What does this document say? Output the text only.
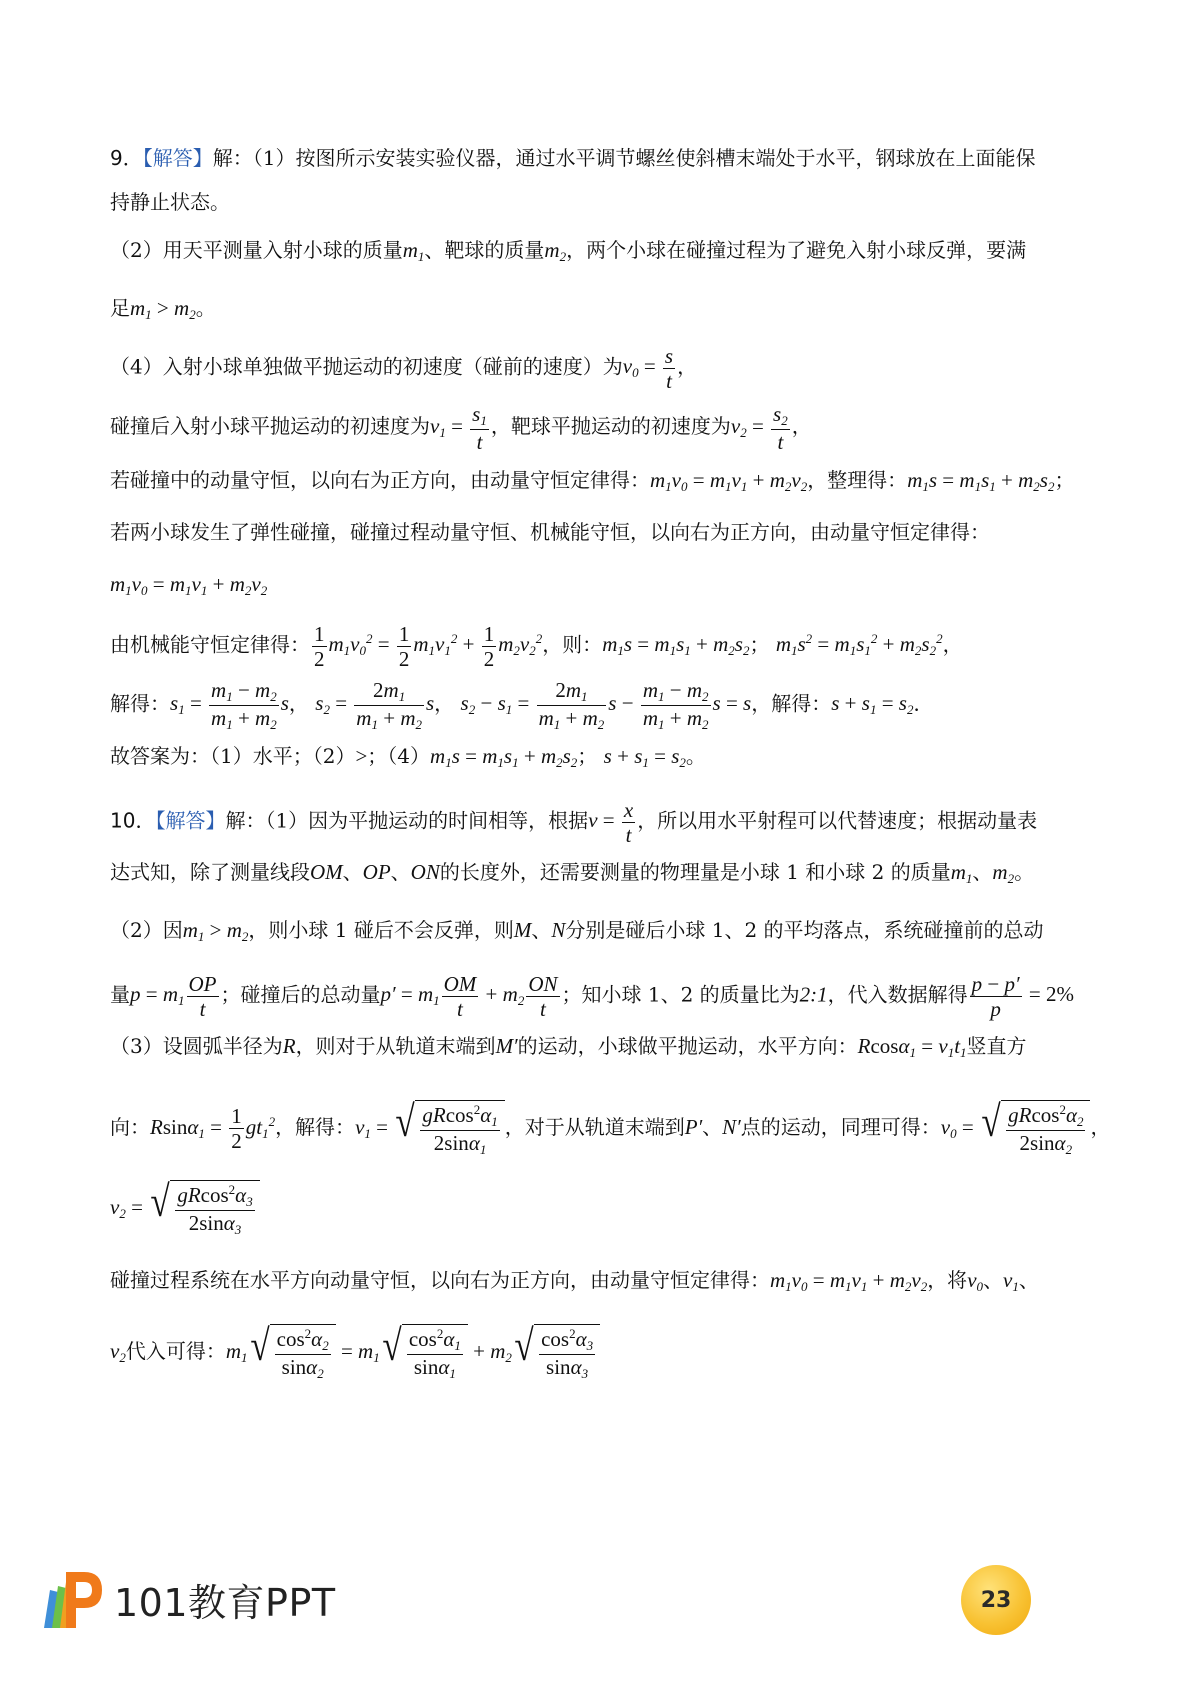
9．【解答】解：（1）按图所示安装实验仪器，通过水平调节螺丝使斜槽末端处于水平，钢球放在上面能保
持静止状态。
（2）用天平测量入射小球的质量$m_1$、靶球的质量$m_2$，两个小球在碰撞过程为了避免入射小球反弹，要满
足$m_1 > m_2$。
（4）入射小球单独做平抛运动的初速度（碰前的速度）为$v_0 = \frac{s}{t}$ ，
碰撞后入射小球平抛运动的初速度为$v_1 = \frac{s_1}{t}$ ，靶球平抛运动的初速度为$v_2 = \frac{s_2}{t}$ ，
若碰撞中的动量守恒，以向右为正方向，由动量守恒定律得：$m_1v_0 = m_1v_1 + m_2v_2$，整理得：$m_1s = m_1s_1 + m_2s_2$；
若两小球发生了弹性碰撞，碰撞过程动量守恒、机械能守恒，以向右为正方向，由动量守恒定律得：
$m_1v_0 = m_1v_1 + m_2v_2$
由机械能守恒定律得： $\frac{1}{2} m_1v_0^2 = \frac{1}{2} m_1v_1^2 + \frac{1}{2} m_2v_2^2$，则：$m_1s = m_1s_1 + m_2s_2$； $m_1s^2 = m_1s_1^2 + m_2s_2^2$，
解得：$s_1 = \frac{m_1 - m_2}{m_1 + m_2}$ s， $s_2 = \frac{2m_1}{m_1 + m_2}$ s， $s_2 - s_1 = \frac{2m_1}{m_1 + m_2}$ $s - \frac{m_1 - m_2}{m_1 + m_2}$ s = s，解得：$s + s_1 = s_2$．
故答案为：（1）水平；（2）>；$(4)m_1s = m_1s_1 + m_2s_2$； $s + s_1 = s_2$。
10．【解答】解：（1）因为平抛运动的时间相等，根据$v = \frac{x}{t}$ ，所以用水平射程可以代替速度；根据动量表
达式知，除了测量线段OM、OP、ON的长度外，还需要测量的物理量是小球 1 和小球 2 的质量$m_1$、$m_2$。
（2）因$m_1 > m_2$，则小球 1 碰后不会反弹，则M、N分别是碰后小球 1、2 的平均落点，系统碰撞前的总动
量$p = m_1 \frac{OP}{t}$ ；碰撞后的总动量$p' = m_1 \frac{OM}{t} + m_2 \frac{ON}{t}$ ；知小球 1、2 的质量比为2:1，代入数据解得 $\frac{p - p'}{p} = 2\%$
（3）设圆弧半径为R，则对于从轨道末端到M′的运动，小球做平抛运动，水平方向：$Rcos\alpha_1 = v_1t_1$竖直方
向：$Rsin\alpha_1 = \frac{1}{2} gt_1^2$，解得：$v_1$ = √ $\frac{gRcos^2\alpha_1}{2\sin\alpha_1}$ ，对于从轨道末端到P′、N′点的运动，同理可得：$v_0$ = √ $\frac{gRcos^2\alpha_2}{2\sin\alpha_2}$ ，
$v_2$ = √ $\frac{gRcos^2\alpha_3}{2\sin\alpha_3}$
碰撞过程系统在水平方向动量守恒，以向右为正方向，由动量守恒定律得：$m_1v_0 = m_1v_1 + m_2v_2$，将$v_0$、$v_1$、
$v_2$代入可得：$m_1$ √ $\frac{\cos^2\alpha_2}{\sin\alpha_2} = m_1$ √ $\frac{\cos^2\alpha_1}{\sin\alpha_1} + m_2$ √ $\frac{\cos^2\alpha_3}{\sin\alpha_3}$
101教育PPT	23
